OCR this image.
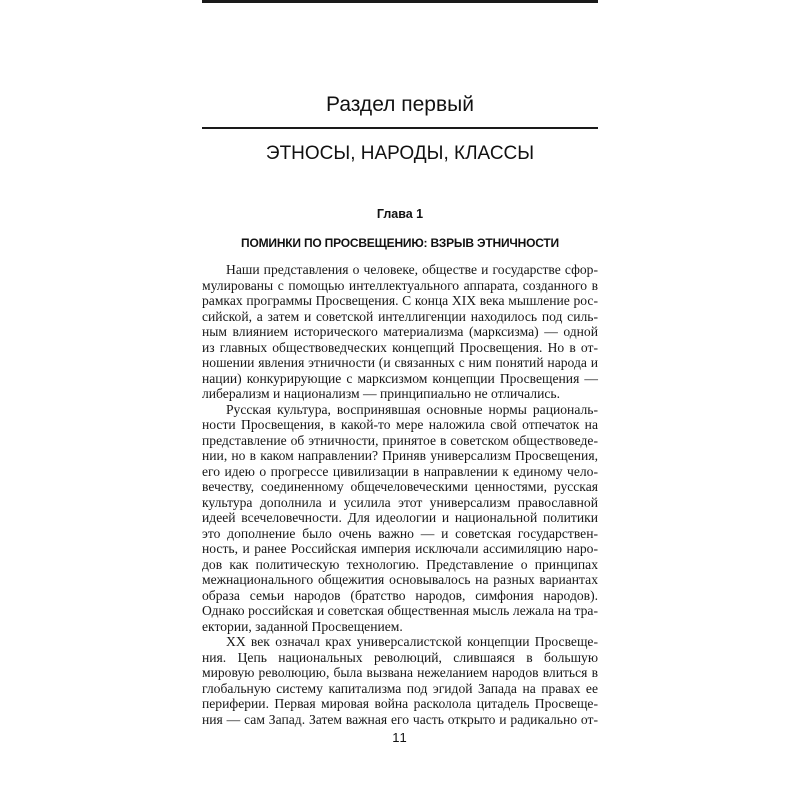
Раздел первый
ЭТНОСЫ, НАРОДЫ, КЛАССЫ
Глава 1
ПОМИНКИ ПО ПРОСВЕЩЕНИЮ: ВЗРЫВ ЭТНИЧНОСТИ
Наши представления о человеке, обществе и государстве сфор-
мулированы с помощью интеллектуального аппарата, созданного в
рамках программы Просвещения. С конца XIX века мышление рос-
сийской, а затем и советской интеллигенции находилось под силь-
ным влиянием исторического материализма (марксизма) — одной
из главных обществоведческих концепций Просвещения. Но в от-
ношении явления этничности (и связанных с ним понятий народа и
нации) конкурирующие с марксизмом концепции Просвещения —
либерализм и национализм — принципиально не отличались.
Русская культура, воспринявшая основные нормы рациональ-
ности Просвещения, в какой-то мере наложила свой отпечаток на
представление об этничности, принятое в советском обществоведе-
нии, но в каком направлении? Приняв универсализм Просвещения,
его идею о прогрессе цивилизации в направлении к единому чело-
вечеству, соединенному общечеловеческими ценностями, русская
культура дополнила и усилила этот универсализм православной
идеей всечеловечности. Для идеологии и национальной политики
это дополнение было очень важно — и советская государствен-
ность, и ранее Российская империя исключали ассимиляцию наро-
дов как политическую технологию. Представление о принципах
межнационального общежития основывалось на разных вариантах
образа семьи народов (братство народов, симфония народов).
Однако российская и советская общественная мысль лежала на тра-
ектории, заданной Просвещением.
XX век означал крах универсалистской концепции Просвеще-
ния. Цепь национальных революций, слившаяся в большую
мировую революцию, была вызвана нежеланием народов влиться в
глобальную систему капитализма под эгидой Запада на правах ее
периферии. Первая мировая война расколола цитадель Просвеще-
ния — сам Запад. Затем важная его часть открыто и радикально от-
11
